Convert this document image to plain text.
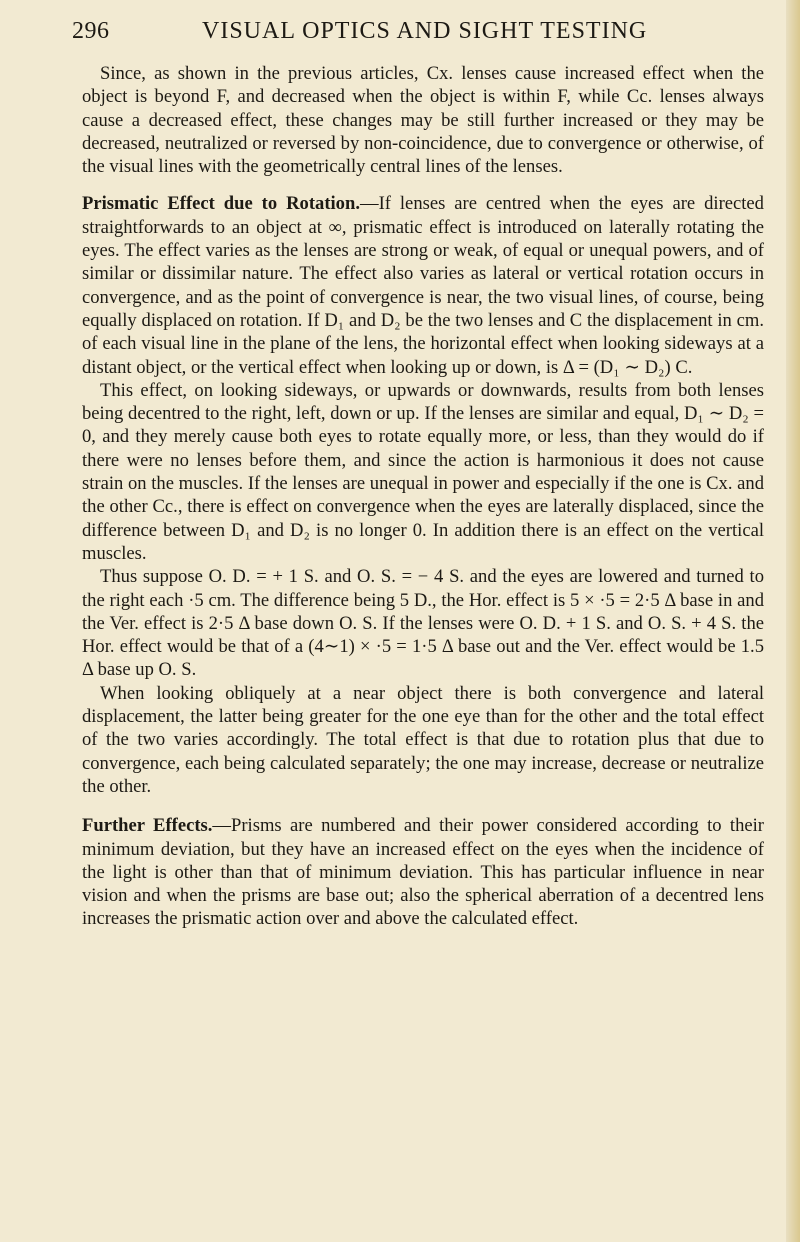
296	VISUAL OPTICS AND SIGHT TESTING

Since, as shown in the previous articles, Cx. lenses cause increased effect when the object is beyond F, and decreased when the object is within F, while Cc. lenses always cause a decreased effect, these changes may be still further increased or they may be decreased, neutralized or reversed by non-coincidence, due to convergence or otherwise, of the visual lines with the geometrically central lines of the lenses.

Prismatic Effect due to Rotation.—If lenses are centred when the eyes are directed straightforwards to an object at ∞, prismatic effect is introduced on laterally rotating the eyes. The effect varies as the lenses are strong or weak, of equal or unequal powers, and of similar or dissimilar nature. The effect also varies as lateral or vertical rotation occurs in convergence, and as the point of convergence is near, the two visual lines, of course, being equally displaced on rotation. If D₁ and D₂ be the two lenses and C the displacement in cm. of each visual line in the plane of the lens, the horizontal effect when looking sideways at a distant object, or the vertical effect when looking up or down, is Δ = (D₁ ∼ D₂) C.

This effect, on looking sideways, or upwards or downwards, results from both lenses being decentred to the right, left, down or up. If the lenses are similar and equal, D₁ ∼ D₂ = 0, and they merely cause both eyes to rotate equally more, or less, than they would do if there were no lenses before them, and since the action is harmonious it does not cause strain on the muscles. If the lenses are unequal in power and especially if the one is Cx. and the other Cc., there is effect on convergence when the eyes are laterally displaced, since the difference between D₁ and D₂ is no longer 0. In addition there is an effect on the vertical muscles.

Thus suppose O. D. = + 1 S. and O. S. = − 4 S. and the eyes are lowered and turned to the right each ·5 cm. The difference being 5 D., the Hor. effect is 5 × ·5 = 2·5 Δ base in and the Ver. effect is 2·5 Δ base down O. S. If the lenses were O. D. + 1 S. and O. S. + 4 S. the Hor. effect would be that of a (4∼1) × ·5 = 1·5 Δ base out and the Ver. effect would be 1.5 Δ base up O. S.

When looking obliquely at a near object there is both convergence and lateral displacement, the latter being greater for the one eye than for the other and the total effect of the two varies accordingly. The total effect is that due to rotation plus that due to convergence, each being calculated separately; the one may increase, decrease or neutralize the other.

Further Effects.—Prisms are numbered and their power considered according to their minimum deviation, but they have an increased effect on the eyes when the incidence of the light is other than that of minimum deviation. This has particular influence in near vision and when the prisms are base out; also the spherical aberration of a decentred lens increases the prismatic action over and above the calculated effect.
